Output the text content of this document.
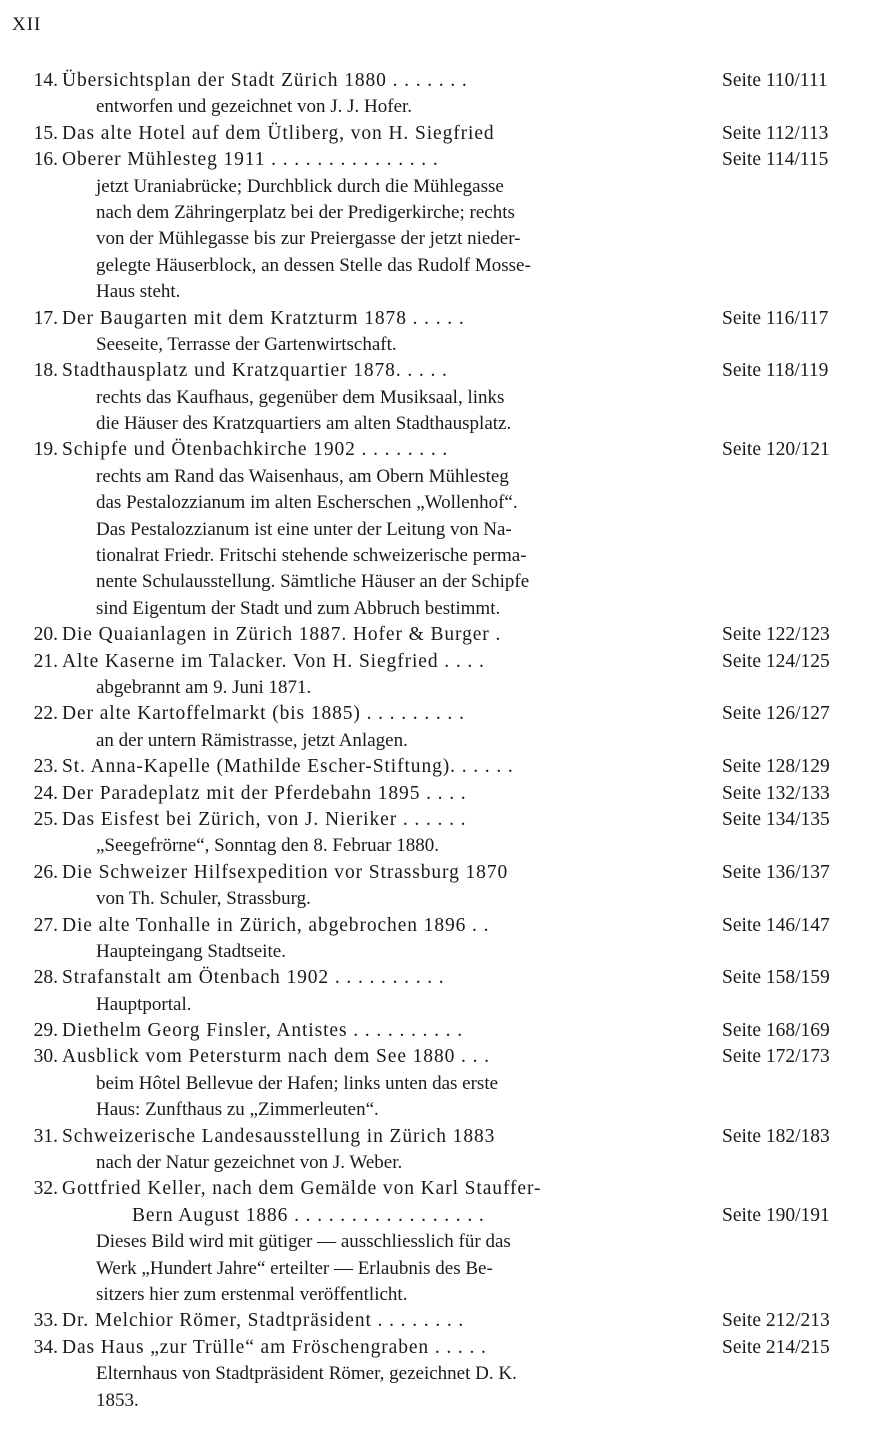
XII
14. Übersichtsplan der Stadt Zürich 1880 . . . . . . .	Seite 110/111
entworfen und gezeichnet von J. J. Hofer.
15. Das alte Hotel auf dem Ütliberg, von H. Siegfried	Seite 112/113
16. Oberer Mühlesteg 1911 . . . . . . . . . . . . . . .	Seite 114/115
jetzt Uraniabrücke; Durchblick durch die Mühlegasse
nach dem Zähringerplatz bei der Predigerkirche; rechts
von der Mühlegasse bis zur Preiergasse der jetzt nieder-
gelegte Häuserblock, an dessen Stelle das Rudolf Mosse-
Haus steht.
17. Der Baugarten mit dem Kratzturm 1878 . . . . .	Seite 116/117
Seeseite, Terrasse der Gartenwirtschaft.
18. Stadthausplatz und Kratzquartier 1878. . . . .	Seite 118/119
rechts das Kaufhaus, gegenüber dem Musiksaal, links
die Häuser des Kratzquartiers am alten Stadthausplatz.
19. Schipfe und Ötenbachkirche 1902 . . . . . . . .	Seite 120/121
rechts am Rand das Waisenhaus, am Obern Mühlesteg
das Pestalozzianum im alten Escherschen „Wollenhof“.
Das Pestalozzianum ist eine unter der Leitung von Na-
tionalrat Friedr. Fritschi stehende schweizerische perma-
nente Schulausstellung. Sämtliche Häuser an der Schipfe
sind Eigentum der Stadt und zum Abbruch bestimmt.
20. Die Quaianlagen in Zürich 1887. Hofer & Burger .	Seite 122/123
21. Alte Kaserne im Talacker. Von H. Siegfried . . . .	Seite 124/125
abgebrannt am 9. Juni 1871.
22. Der alte Kartoffelmarkt (bis 1885) . . . . . . . . .	Seite 126/127
an der untern Rämistrasse, jetzt Anlagen.
23. St. Anna-Kapelle (Mathilde Escher-Stiftung). . . . . .	Seite 128/129
24. Der Paradeplatz mit der Pferdebahn 1895 . . . .	Seite 132/133
25. Das Eisfest bei Zürich, von J. Nieriker . . . . . .	Seite 134/135
„Seegefrörne“, Sonntag den 8. Februar 1880.
26. Die Schweizer Hilfsexpedition vor Strassburg 1870	Seite 136/137
von Th. Schuler, Strassburg.
27. Die alte Tonhalle in Zürich, abgebrochen 1896 . .	Seite 146/147
Haupteingang Stadtseite.
28. Strafanstalt am Ötenbach 1902 . . . . . . . . . .	Seite 158/159
Hauptportal.
29. Diethelm Georg Finsler, Antistes . . . . . . . . . .	Seite 168/169
30. Ausblick vom Petersturm nach dem See 1880 . . .	Seite 172/173
beim Hôtel Bellevue der Hafen; links unten das erste
Haus: Zunfthaus zu „Zimmerleuten“.
31. Schweizerische Landesausstellung in Zürich 1883	Seite 182/183
nach der Natur gezeichnet von J. Weber.
32. Gottfried Keller, nach dem Gemälde von Karl Stauffer-
Bern August 1886 . . . . . . . . . . . . . . . . .	Seite 190/191
Dieses Bild wird mit gütiger — ausschliesslich für das
Werk „Hundert Jahre“ erteilter — Erlaubnis des Be-
sitzers hier zum erstenmal veröffentlicht.
33. Dr. Melchior Römer, Stadtpräsident . . . . . . . .	Seite 212/213
34. Das Haus „zur Trülle“ am Fröschengraben . . . . .	Seite 214/215
Elternhaus von Stadtpräsident Römer, gezeichnet D. K.
1853.
